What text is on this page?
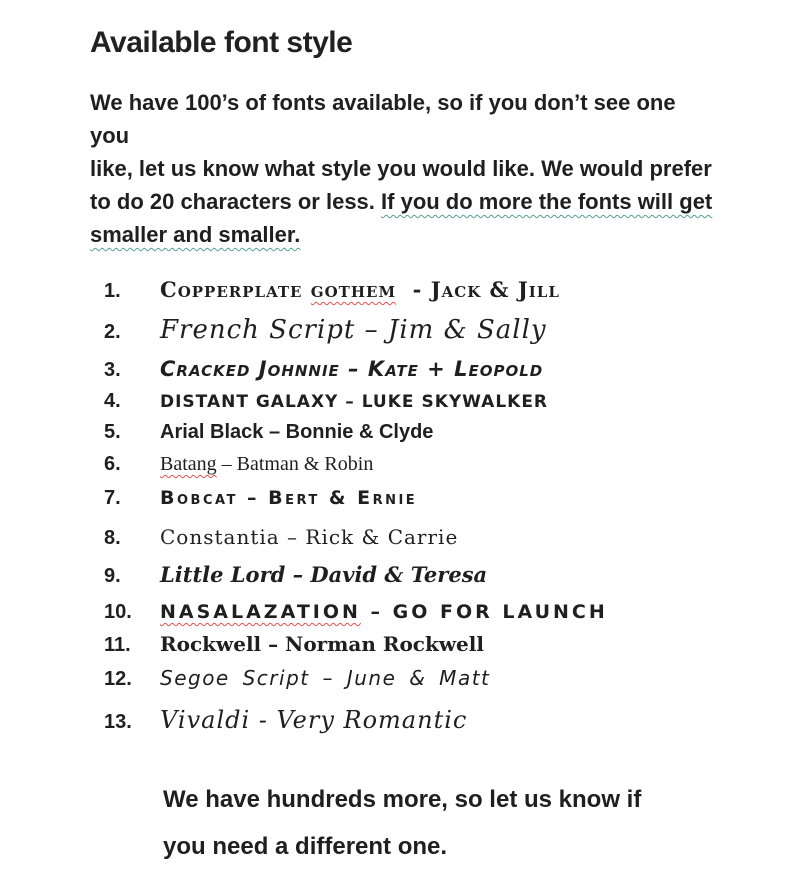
Available font style
We have 100’s of fonts available, so if you don’t see one you
like, let us know what style you would like. We would prefer
to do 20 characters or less. If you do more the fonts will get
smaller and smaller.
1.	Copperplate gothem  - Jack & Jill
2.	French Script – Jim & Sally
3.	Cracked Johnnie – Kate + Leopold
4.	DISTANT GALAXY – LUKE SKYWALKER
5.	Arial Black – Bonnie & Clyde
6.	Batang – Batman & Robin
7.	Bobcat – Bert & Ernie
8.	Constantia – Rick & Carrie
9.	Little Lord – David & Teresa
10.	NASALAZATION – GO FOR LAUNCH
11.	Rockwell – Norman Rockwell
12.	Segoe Script – June & Matt
13.	Vivaldi - Very Romantic
We have hundreds more, so let us know if
you need a different one.
